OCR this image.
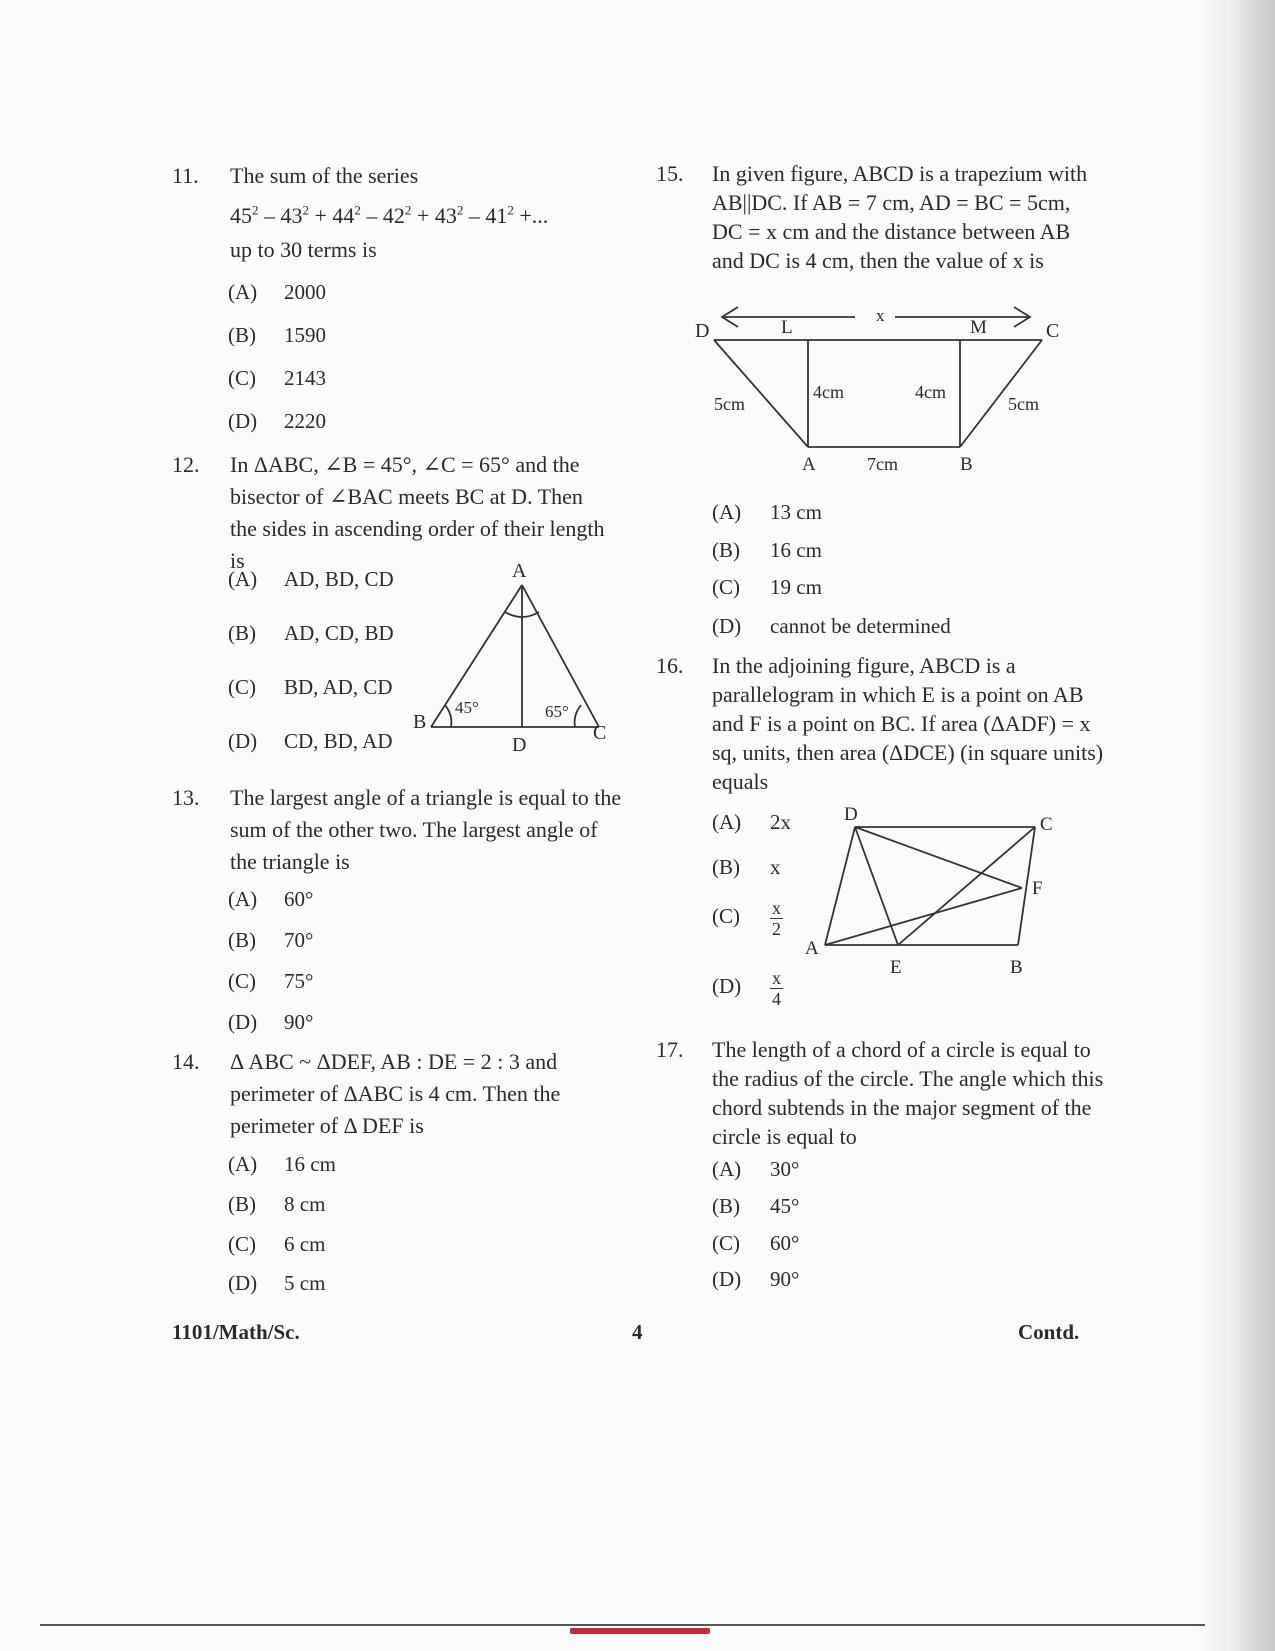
11. The sum of the series
$45^2 - 43^2 + 44^2 - 42^2 + 43^2 - 41^2$ +...
up to 30 terms is
(A) 2000
(B) 1590
(C) 2143
(D) 2220
12. In ΔABC, ∠B = 45°, ∠C = 65° and the
bisector of ∠BAC meets BC at D. Then
the sides in ascending order of their length is
(A) AD, BD, CD
(B) AD, CD, BD
(C) BD, AD, CD
(D) CD, BD, AD
A
B	C
D
45°	65°
13. The largest angle of a triangle is equal to the
sum of the other two. The largest angle of
the triangle is
(A) 60°
(B) 70°
(C) 75°
(D) 90°
14. Δ ABC ~ ΔDEF, AB : DE = 2 : 3 and
perimeter of ΔABC is 4 cm. Then the
perimeter of Δ DEF is
(A) 16 cm
(B) 8 cm
(C) 6 cm
(D) 5 cm
15. In given figure, ABCD is a trapezium with
AB||DC. If AB = 7 cm, AD = BC = 5cm,
DC = x cm and the distance between AB
and DC is 4 cm, then the value of x is
D	C
A	B
L	M
x
4cm	4cm
5cm	5cm
7cm
(A) 13 cm
(B) 16 cm
(C) 19 cm
(D) cannot be determined
16. In the adjoining figure, ABCD is a
parallelogram in which E is a point on AB
and F is a point on BC. If area (ΔADF) = x
sq, units, then area (ΔDCE) (in square units)
equals
(A) 2x
(B) x
$(C) \frac{x}{2}$
$(D) \frac{x}{4}$
D	C
A
B
E
F
17. The length of a chord of a circle is equal to
the radius of the circle. The angle which this
chord subtends in the major segment of the
circle is equal to
(A) 30°
(B) 45°
(C) 60°
(D) 90°
1101/Math/Sc.	4	Contd.
